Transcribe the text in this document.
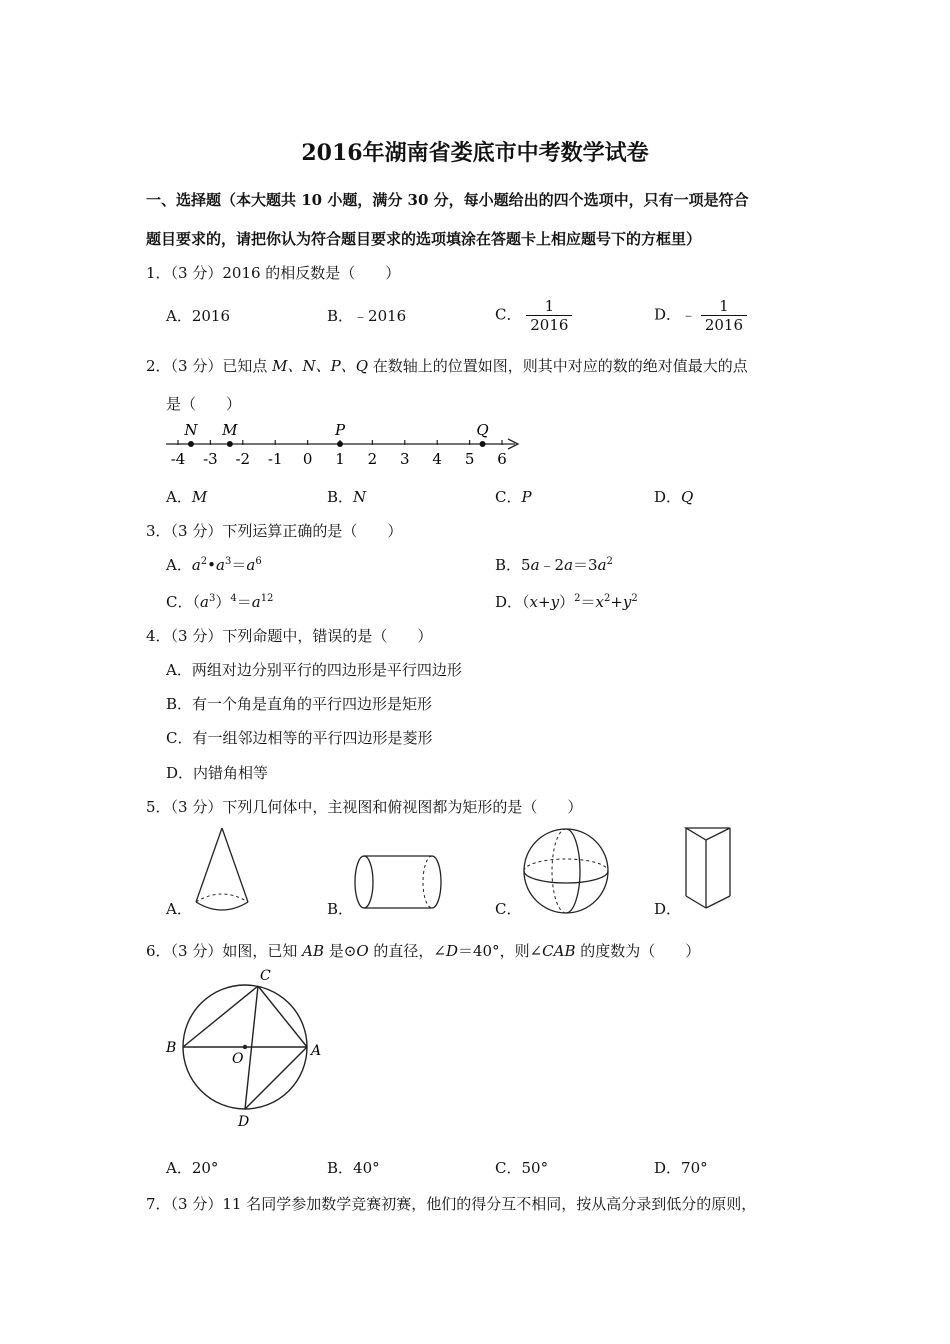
2016年湖南省娄底市中考数学试卷
一、选择题（本大题共 10 小题，满分 30 分，每小题给出的四个选项中，只有一项是符合
题目要求的，请把你认为符合题目要求的选项填涂在答题卡上相应题号下的方框里）
1．（3 分）2016 的相反数是（　　）
A．2016	B．﹣2016	C． $\frac{1}{2016}$	D．﹣ $\frac{1}{2016}$
2．（3 分）已知点 M、N、P、Q 在数轴上的位置如图，则其中对应的数的绝对值最大的点
是（　　）
-4 -3 -2 -1 0 1 2 3 4 5 6
N M	P	Q
A．M	B．N	C．P	D．Q
3．（3 分）下列运算正确的是（　　）
A．$a^2•a^3=a^6$	B．$5a﹣2a=3a^2$
C．$(a^3)^4=a^{12}$	D．$(x+y)^2=x^2+y^2$
4．（3 分）下列命题中，错误的是（　　）
A．两组对边分别平行的四边形是平行四边形
B．有一个角是直角的平行四边形是矩形
C．有一组邻边相等的平行四边形是菱形
D．内错角相等
5．（3 分）下列几何体中，主视图和俯视图都为矩形的是（　　）
A．	B．	C．	D．
6．（3 分）如图，已知 AB 是⊙O 的直径，∠D＝40°，则∠CAB 的度数为（　　）
C
B
O	A
D
A．20°	B．40°	C．50°	D．70°
7．（3 分）11 名同学参加数学竞赛初赛，他们的得分互不相同，按从高分录到低分的原则，
